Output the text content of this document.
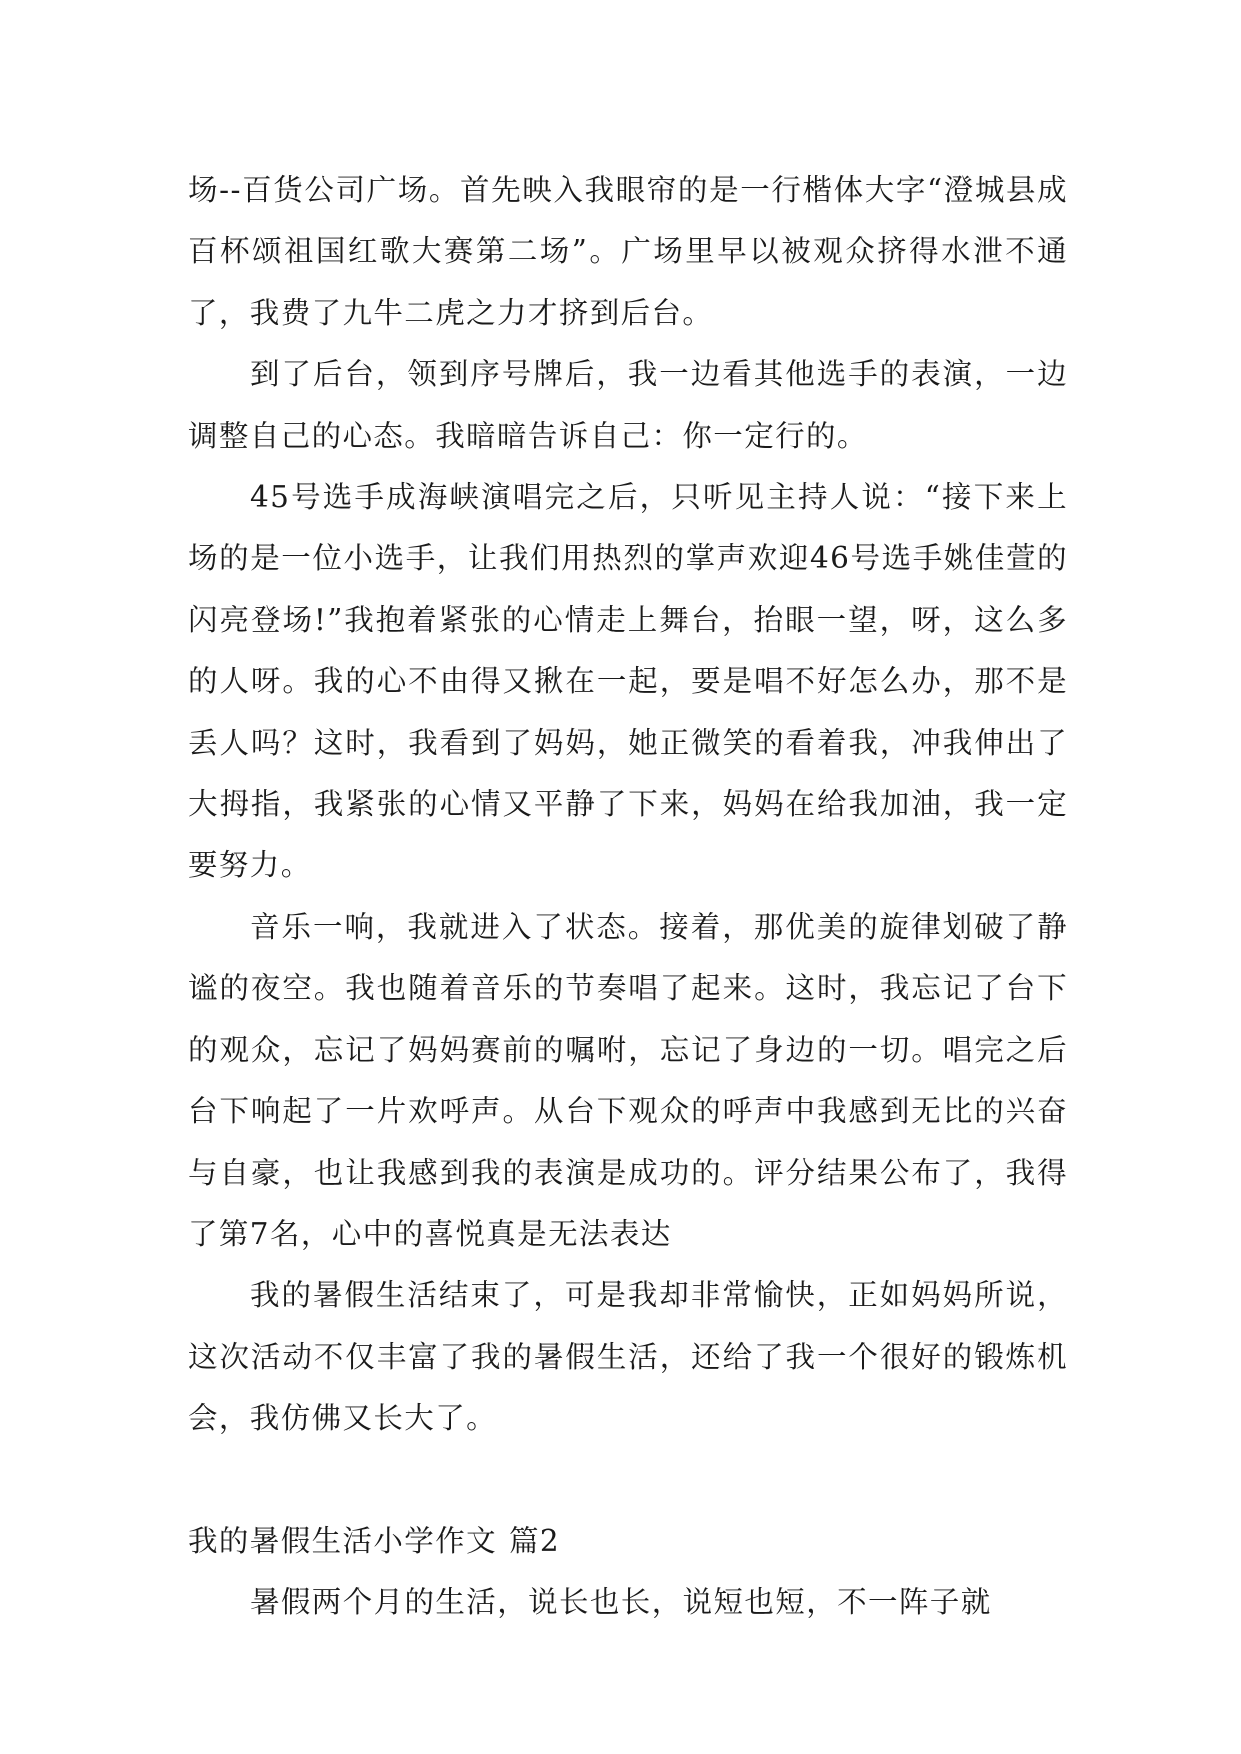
场--百货公司广场。首先映入我眼帘的是一行楷体大字“澄城县成百杯颂祖国红歌大赛第二场”。广场里早以被观众挤得水泄不通了，我费了九牛二虎之力才挤到后台。

到了后台，领到序号牌后，我一边看其他选手的表演，一边调整自己的心态。我暗暗告诉自己：你一定行的。

45号选手成海峡演唱完之后，只听见主持人说：“接下来上场的是一位小选手，让我们用热烈的掌声欢迎46号选手姚佳萱的闪亮登场!”我抱着紧张的心情走上舞台，抬眼一望，呀，这么多的人呀。我的心不由得又揪在一起，要是唱不好怎么办，那不是丢人吗？这时，我看到了妈妈，她正微笑的看着我，冲我伸出了大拇指，我紧张的心情又平静了下来，妈妈在给我加油，我一定要努力。

音乐一响，我就进入了状态。接着，那优美的旋律划破了静谧的夜空。我也随着音乐的节奏唱了起来。这时，我忘记了台下的观众，忘记了妈妈赛前的嘱咐，忘记了身边的一切。唱完之后台下响起了一片欢呼声。从台下观众的呼声中我感到无比的兴奋与自豪，也让我感到我的表演是成功的。评分结果公布了，我得了第7名，心中的喜悦真是无法表达

我的暑假生活结束了，可是我却非常愉快，正如妈妈所说，这次活动不仅丰富了我的暑假生活，还给了我一个很好的锻炼机会，我仿佛又长大了。

我的暑假生活小学作文 篇2

暑假两个月的生活，说长也长，说短也短，不一阵子就
